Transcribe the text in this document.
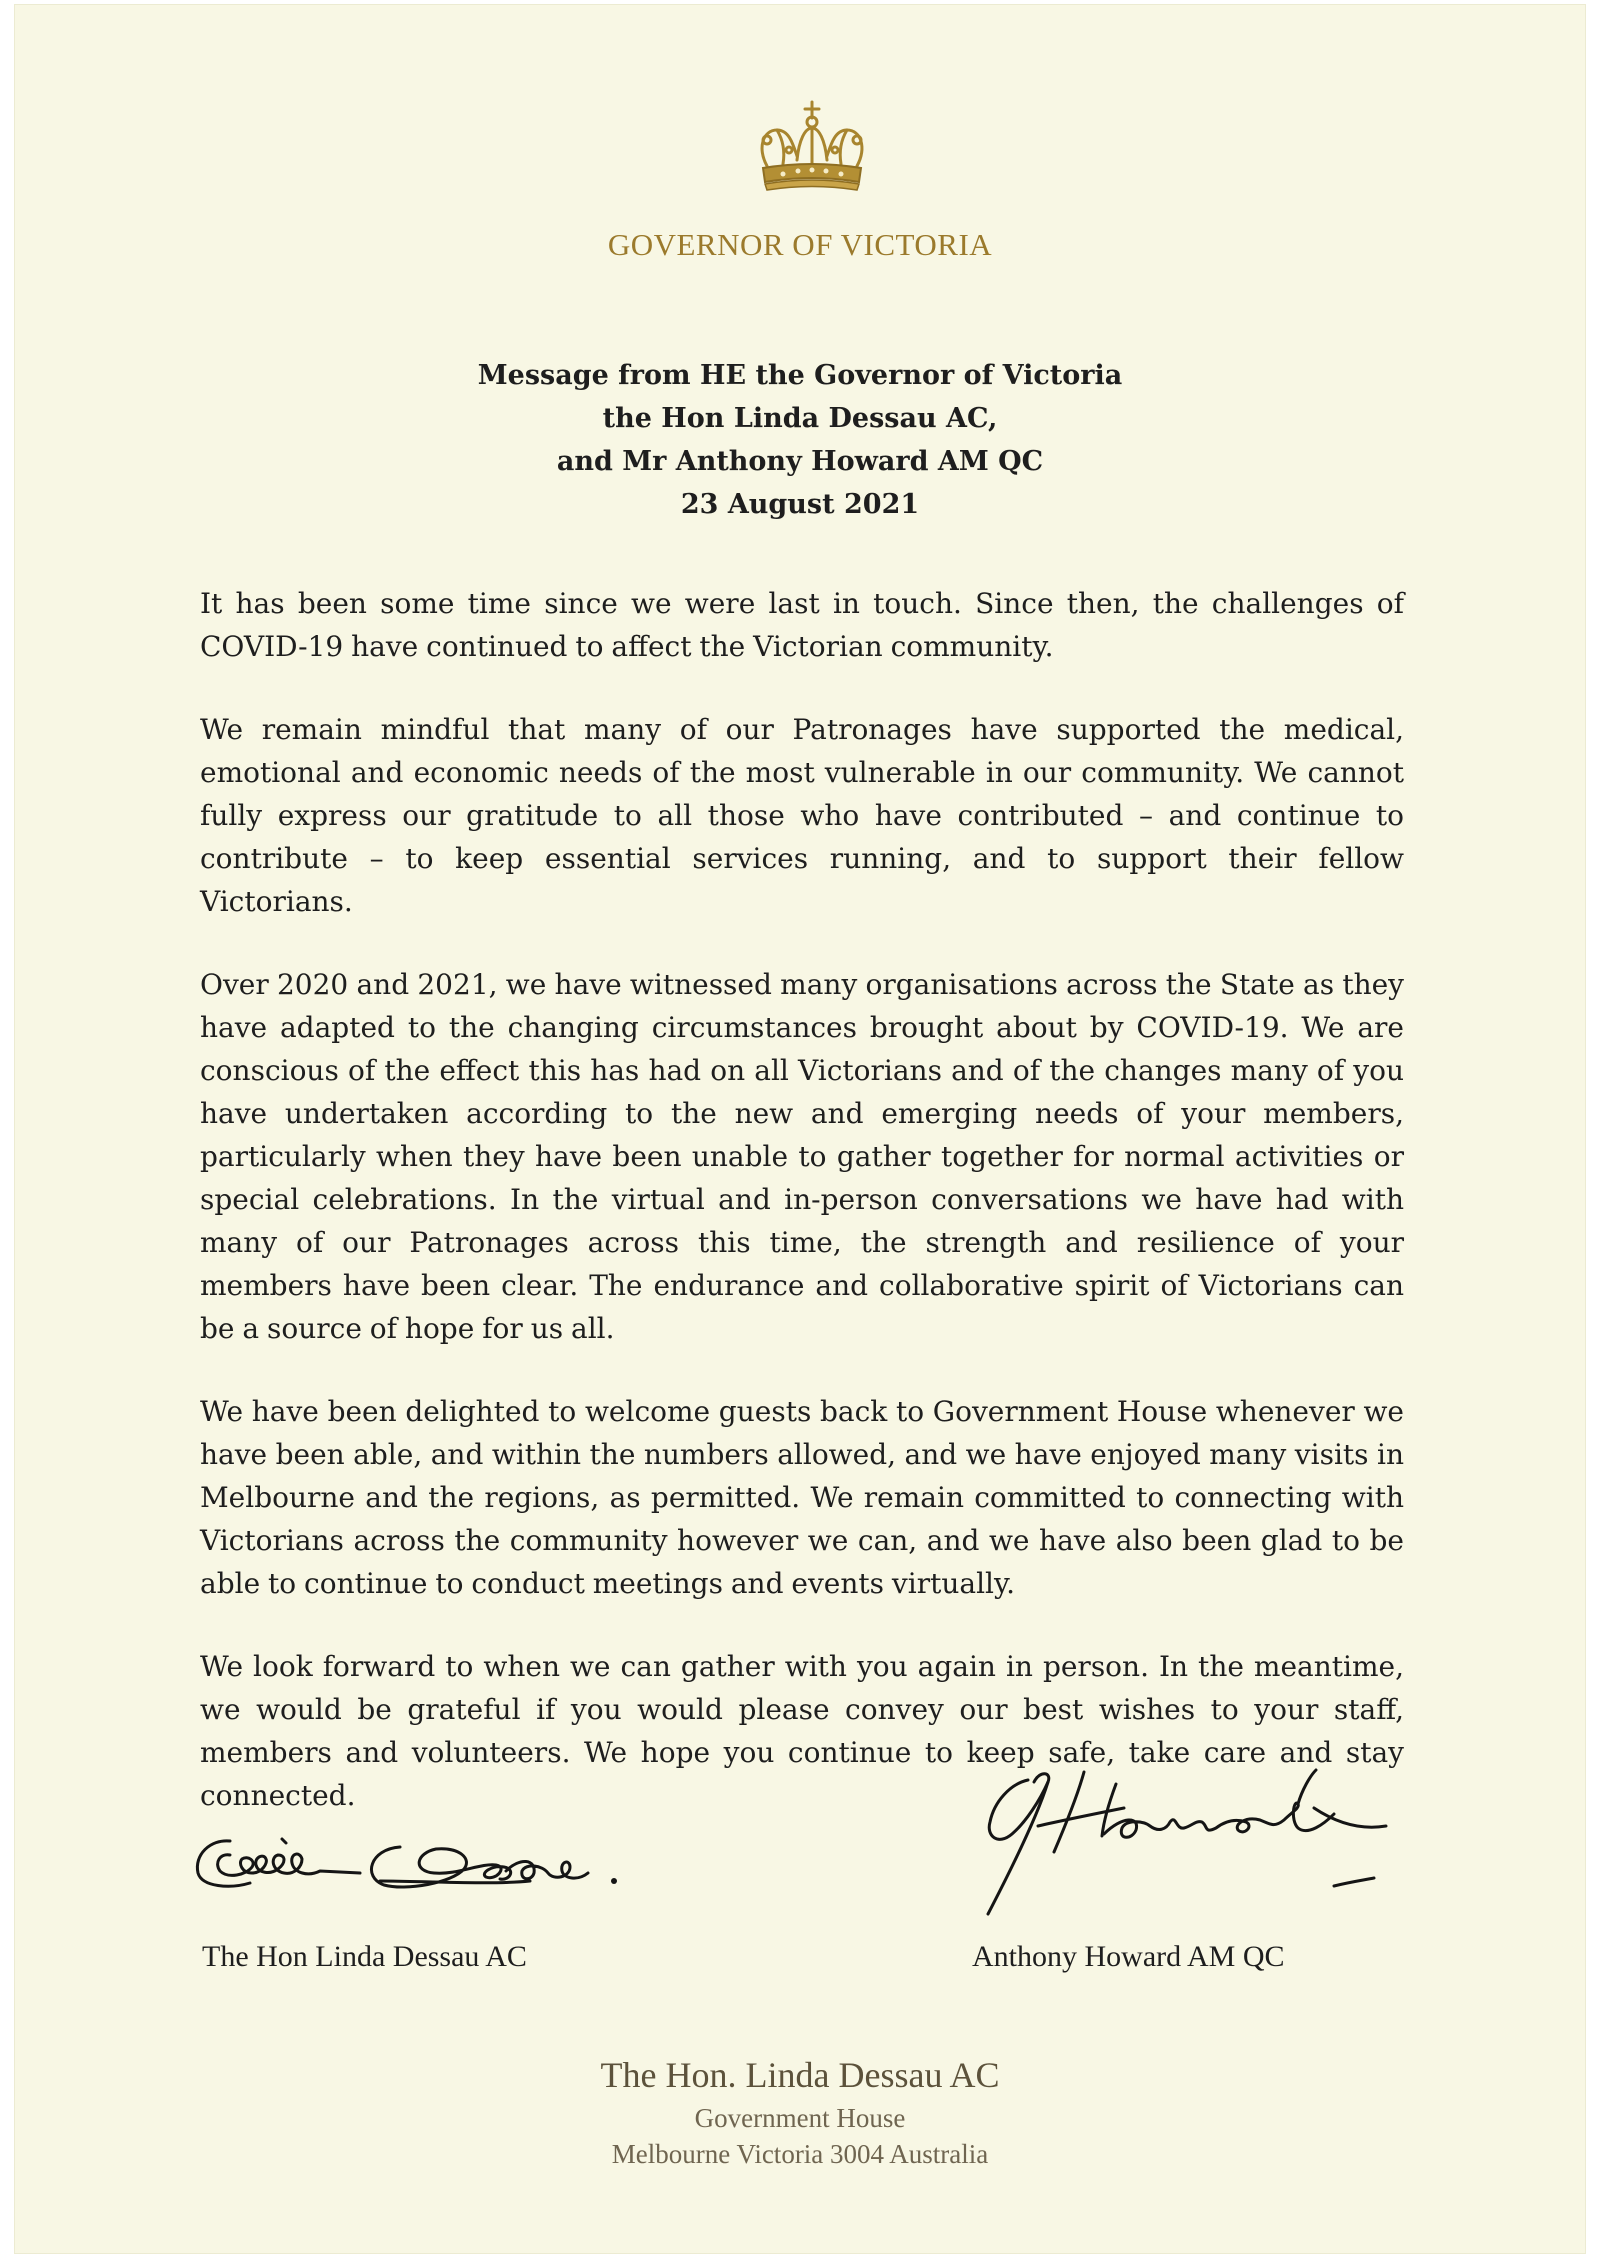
GOVERNOR OF VICTORIA
Message from HE the Governor of Victoria
the Hon Linda Dessau AC,
and Mr Anthony Howard AM QC
23 August 2021

It has been some time since we were last in touch. Since then, the challenges of COVID-19 have continued to affect the Victorian community.

We remain mindful that many of our Patronages have supported the medical, emotional and economic needs of the most vulnerable in our community. We cannot fully express our gratitude to all those who have contributed – and continue to contribute – to keep essential services running, and to support their fellow Victorians.

Over 2020 and 2021, we have witnessed many organisations across the State as they have adapted to the changing circumstances brought about by COVID-19. We are conscious of the effect this has had on all Victorians and of the changes many of you have undertaken according to the new and emerging needs of your members, particularly when they have been unable to gather together for normal activities or special celebrations. In the virtual and in-person conversations we have had with many of our Patronages across this time, the strength and resilience of your members have been clear. The endurance and collaborative spirit of Victorians can be a source of hope for us all.

We have been delighted to welcome guests back to Government House whenever we have been able, and within the numbers allowed, and we have enjoyed many visits in Melbourne and the regions, as permitted. We remain committed to connecting with Victorians across the community however we can, and we have also been glad to be able to continue to conduct meetings and events virtually.

We look forward to when we can gather with you again in person. In the meantime, we would be grateful if you would please convey our best wishes to your staff, members and volunteers. We hope you continue to keep safe, take care and stay connected.

The Hon Linda Dessau AC	Anthony Howard AM QC
The Hon. Linda Dessau AC
Government House
Melbourne Victoria 3004 Australia
